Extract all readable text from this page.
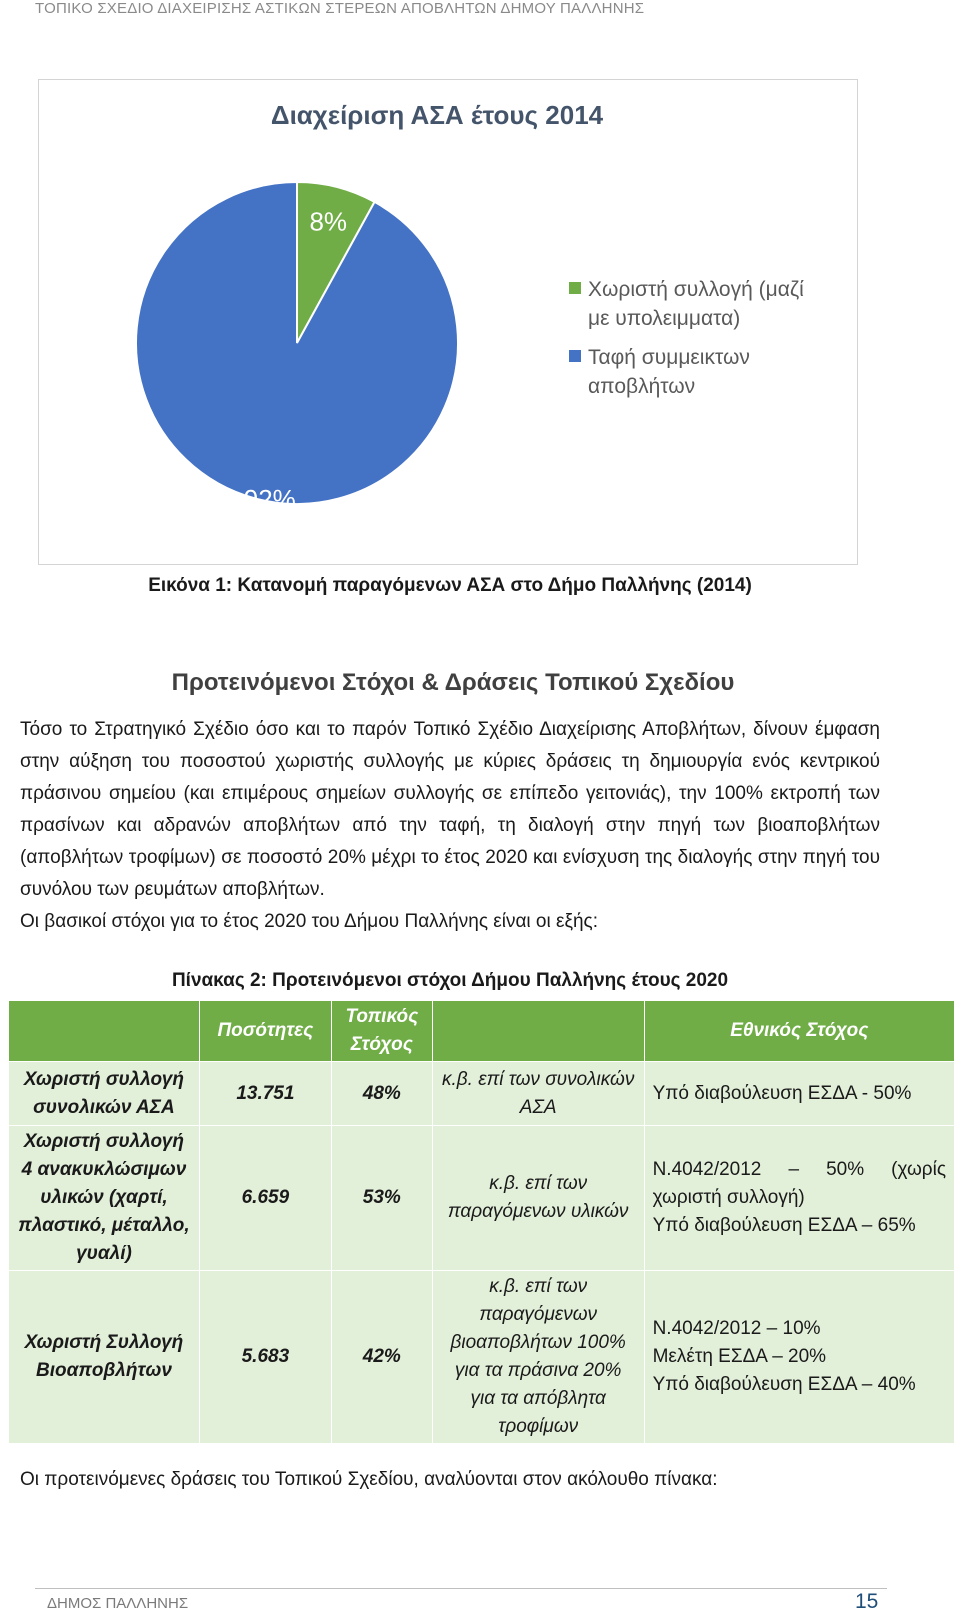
ΤΟΠΙΚΟ ΣΧΕΔΙΟ ΔΙΑΧΕΙΡΙΣΗΣ ΑΣΤΙΚΩΝ ΣΤΕΡΕΩΝ ΑΠΟΒΛΗΤΩΝ ΔΗΜΟΥ ΠΑΛΛΗΝΗΣ
Διαχείριση ΑΣΑ έτους 2014
8%
92%
Χωριστή συλλογή (μαζί
με υπολειμματα)
Ταφή συμμεικτων
αποβλήτων
Εικόνα 1: Κατανομή παραγόμενων ΑΣΑ στο Δήμο Παλλήνης (2014)
Προτεινόμενοι Στόχοι & Δράσεις Τοπικού Σχεδίου
Τόσο το Στρατηγικό Σχέδιο όσο και το παρόν Τοπικό Σχέδιο Διαχείρισης Αποβλήτων, δίνουν έμφαση στην αύξηση του ποσοστού χωριστής συλλογής με κύριες δράσεις τη δημιουργία ενός κεντρικού πράσινου σημείου (και επιμέρους σημείων συλλογής σε επίπεδο γειτονιάς), την 100% εκτροπή των πρασίνων και αδρανών αποβλήτων από την ταφή, τη διαλογή στην πηγή των βιοαποβλήτων (αποβλήτων τροφίμων) σε ποσοστό 20% μέχρι το έτος 2020 και ενίσχυση της διαλογής στην πηγή του συνόλου των ρευμάτων αποβλήτων.
Οι βασικοί στόχοι για το έτος 2020 του Δήμου Παλλήνης είναι οι εξής:
Πίνακας 2: Προτεινόμενοι στόχοι Δήμου Παλλήνης έτους 2020
	Ποσότητες	Τοπικός Στόχος		Εθνικός Στόχος
Χωριστή συλλογή συνολικών ΑΣΑ	13.751	48%	κ.β. επί των συνολικών ΑΣΑ	Υπό διαβούλευση ΕΣΔΑ - 50%

Χωριστή συλλογή 4 ανακυκλώσιμων υλικών (χαρτί, πλαστικό, μέταλλο, γυαλί)	6.659	53%	κ.β. επί των παραγόμενων υλικών	Ν.4042/2012 – 50% (χωρίς χωριστή συλλογή)
Υπό διαβούλευση ΕΣΔΑ – 65%

Χωριστή Συλλογή Βιοαποβλήτων	5.683	42%	κ.β. επί των παραγόμενων βιοαποβλήτων 100% για τα πράσινα 20% για τα απόβλητα τροφίμων	Ν.4042/2012 – 10%
Μελέτη ΕΣΔΑ – 20%
Υπό διαβούλευση ΕΣΔΑ – 40%
Οι προτεινόμενες δράσεις του Τοπικού Σχεδίου, αναλύονται στον ακόλουθο πίνακα:
ΔΗΜΟΣ ΠΑΛΛΗΝΗΣ	15
